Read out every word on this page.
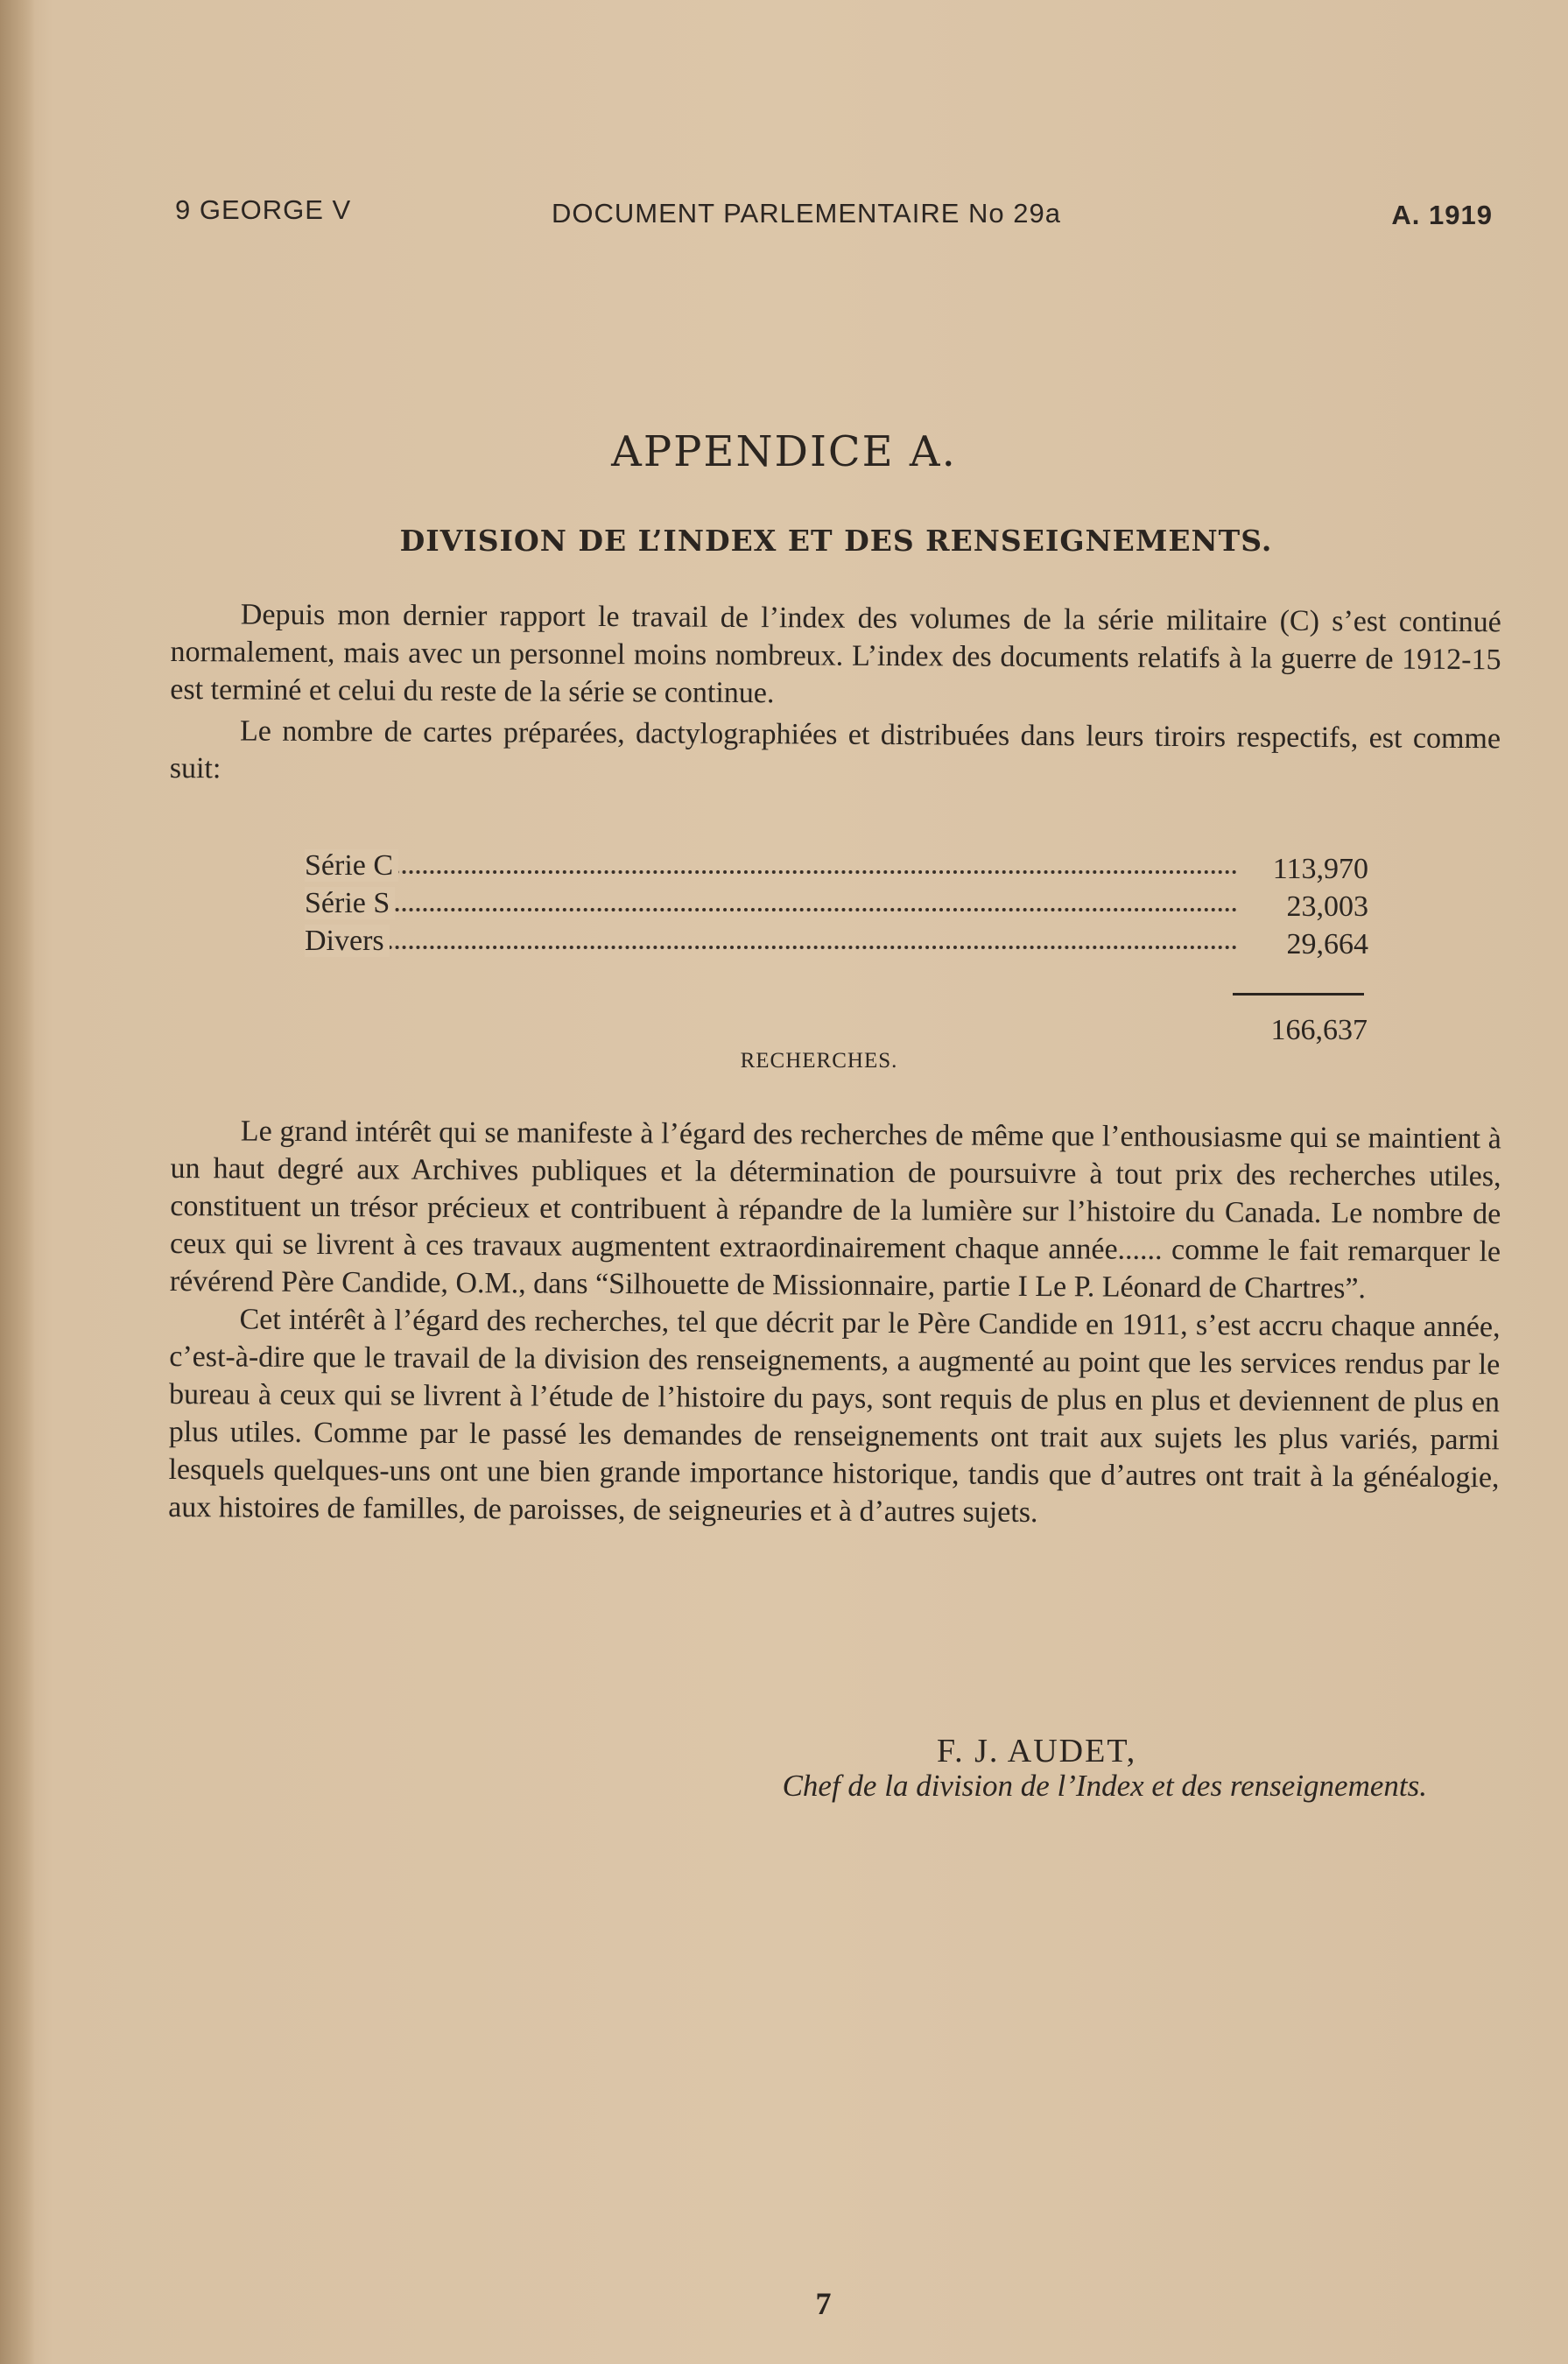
9 GEORGE V	DOCUMENT PARLEMENTAIRE No 29a	A. 1919
APPENDICE A.
DIVISION DE L’INDEX ET DES RENSEIGNEMENTS.

Depuis mon dernier rapport le travail de l’index des volumes de la série militaire (C) s’est continué normalement, mais avec un personnel moins nombreux. L’index des documents relatifs à la guerre de 1912-15 est terminé et celui du reste de la série se continue.

Le nombre de cartes préparées, dactylographiées et distribuées dans leurs tiroirs respectifs, est comme suit:

Série C	113,970
Série S	23,003
Divers	29,664
166,637
RECHERCHES.

Le grand intérêt qui se manifeste à l’égard des recherches de même que l’enthousiasme qui se maintient à un haut degré aux Archives publiques et la détermination de poursuivre à tout prix des recherches utiles, constituent un trésor précieux et contribuent à répandre de la lumière sur l’histoire du Canada. Le nombre de ceux qui se livrent à ces travaux augmentent extraordinairement chaque année...... comme le fait remarquer le révérend Père Candide, O.M., dans “Silhouette de Missionnaire, partie I Le P. Léonard de Chartres”.

Cet intérêt à l’égard des recherches, tel que décrit par le Père Candide en 1911, s’est accru chaque année, c’est-à-dire que le travail de la division des renseignements, a augmenté au point que les services rendus par le bureau à ceux qui se livrent à l’étude de l’histoire du pays, sont requis de plus en plus et deviennent de plus en plus utiles. Comme par le passé les demandes de renseignements ont trait aux sujets les plus variés, parmi lesquels quelques-uns ont une bien grande importance historique, tandis que d’autres ont trait à la généalogie, aux histoires de familles, de paroisses, de seigneuries et à d’autres sujets.

F. J. AUDET,
Chef de la division de l’Index et des renseignements.
7
